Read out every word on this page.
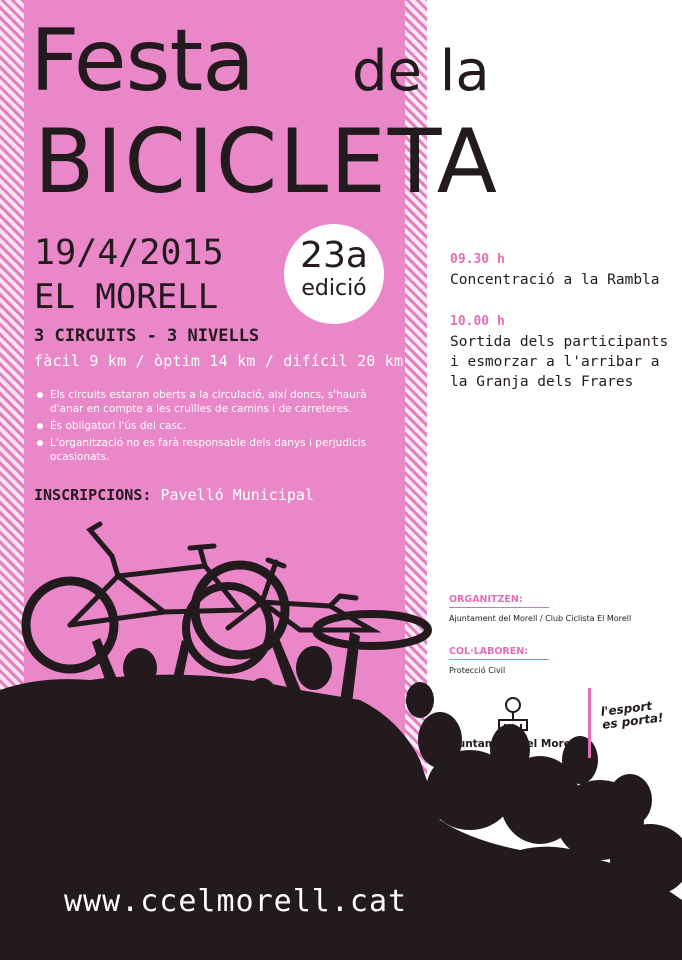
Festa de la
BICICLETA
19/4/2015
EL MORELL
23a
edició
3 CIRCUITS - 3 NIVELLS
fàcil 9 km / òptim 14 km / difícil 20 km
Els circuits estaran oberts a la circulació, així doncs, s'haurà d'anar en compte a les cruïlles de camins i de carreteres.
És obligatori l'ús del casc.
L'organització no es farà responsable dels danys i perjudicis ocasionats.
INSCRIPCIONS: Pavelló Municipal
www.ccelmorell.cat
09.30 h
Concentració a la Rambla
10.00 h
Sortida dels participants i esmorzar a l'arribar a la Granja dels Frares
ORGANITZEN:
Ajuntament del Morell / Club Ciclista El Morell
COL·LABOREN:
Protecció Civil
Ajuntament del Morell
l'esport es porta!
